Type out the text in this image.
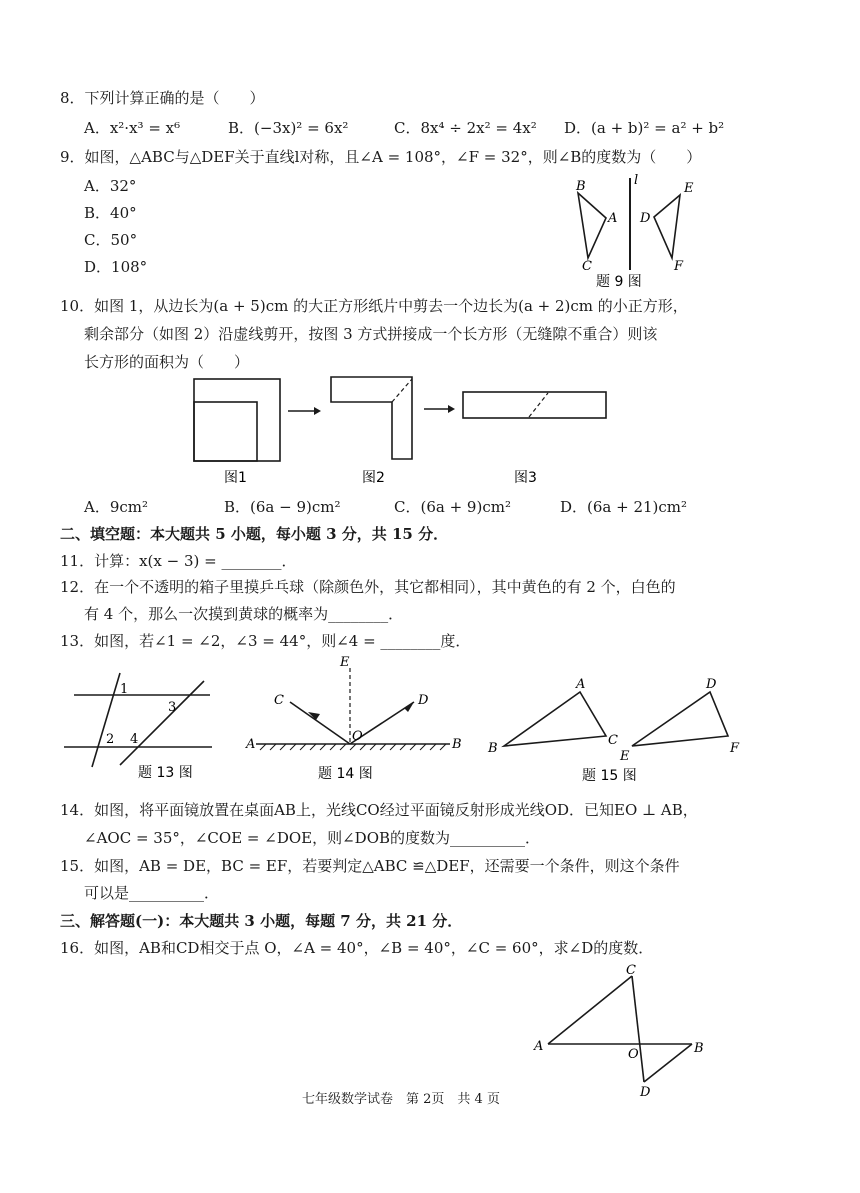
8．下列计算正确的是（　　）
A．x²·x³ = x⁶	B．(−3x)² = 6x²	C．8x⁴ ÷ 2x² = 4x² D．(a + b)² = a² + b²
9．如图，△ABC与△DEF关于直线l对称，且∠A = 108°，∠F = 32°，则∠B的度数为（　　）
A．32°
B．40°
C．50°
D．108°
B
A
C
l
E
D
F
题 9 图
10．如图 1，从边长为(a + 5)cm 的大正方形纸片中剪去一个边长为(a + 2)cm 的小正方形，
剩余部分（如图 2）沿虚线剪开，按图 3 方式拼接成一个长方形（无缝隙不重合）则该
长方形的面积为（　　）
图1	图2	图3
A．9cm²	B．(6a − 9)cm²	C．(6a + 9)cm²	D．(6a + 21)cm²
二、填空题：本大题共 5 小题，每小题 3 分，共 15 分．
11．计算：x(x − 3) = ________．
12．在一个不透明的箱子里摸乒乓球（除颜色外，其它都相同），其中黄色的有 2 个，白色的
有 4 个，那么一次摸到黄球的概率为________．
13．如图，若∠1 = ∠2，∠3 = 44°，则∠4 = ________度．
1
3
2 4
题 13 图
E
C	D
O
A	B
题 14 图
A
B
C
D
E
F
题 15 图
14．如图，将平面镜放置在桌面AB上，光线CO经过平面镜反射形成光线OD．已知EO ⊥ AB，
∠AOC = 35°，∠COE = ∠DOE，则∠DOB的度数为__________．
15．如图，AB = DE，BC = EF，若要判定△ABC ≌△DEF，还需要一个条件，则这个条件
可以是__________．
三、解答题(一)：本大题共 3 小题，每题 7 分，共 21 分．
16．如图，AB和CD相交于点 O，∠A = 40°，∠B = 40°，∠C = 60°，求∠D的度数．
C
A
O	B
D
七年级数学试卷　第 2页　共 4 页
